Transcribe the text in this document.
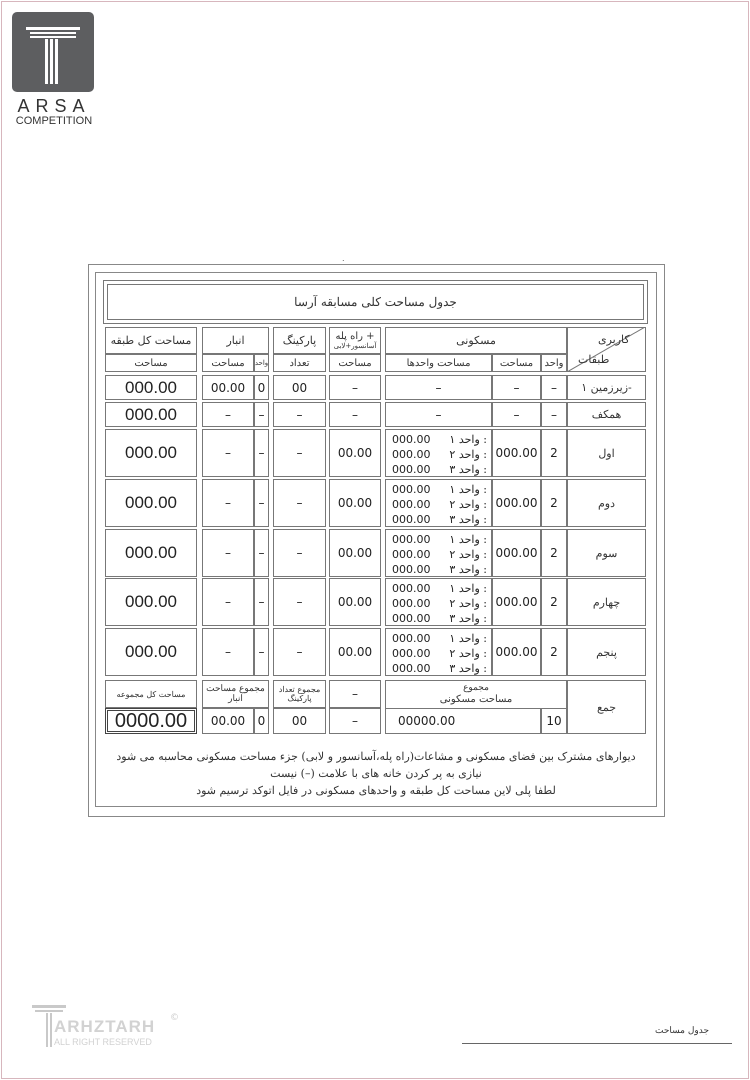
ARSA
COMPETITION
.
جدول مساحت کلی مسابقه آرسا
کاربری
طبقات
مسکونی
واحد
مساحت
مساحت واحدها
راه پله +
آسانسور+لابی
مساحت
پارکینگ
تعداد
انبار
واحد
مساحت
مساحت کل طبقه
مساحت
زیرزمین ۱-
–
–
–
–
00
0
00.00
000.00
همکف
–
–
–
–
–
–
–
000.00
اول
2
000.00
000.00 واحد ۱ :
000.00 واحد ۲ :
000.00 واحد ۳ :
00.00
–
–
–
000.00
دوم
2
000.00
000.00 واحد ۱ :
000.00 واحد ۲ :
000.00 واحد ۳ :
00.00
–
–
–
000.00
سوم
2
000.00
000.00 واحد ۱ :
000.00 واحد ۲ :
000.00 واحد ۳ :
00.00
–
–
–
000.00
چهارم
2
000.00
000.00 واحد ۱ :
000.00 واحد ۲ :
000.00 واحد ۳ :
00.00
–
–
–
000.00
پنجم
2
000.00
000.00 واحد ۱ :
000.00 واحد ۲ :
000.00 واحد ۳ :
00.00
–
–
–
000.00
جمع
10
مجموع
مساحت مسکونی
00000.00
–
–
مجموع تعداد پارکینگ
00
مجموع مساحت انبار
0
00.00
مساحت کل مجموعه
0000.00
دیوارهای مشترک بین فضای مسکونی و مشاعات(راه پله،آسانسور و لابی) جزء مساحت مسکونی محاسبه می شود
نیازی به پر کردن خانه های با علامت (–) نیست
لطفا پلی لاین مساحت کل طبقه و واحدهای مسکونی در فایل اتوکد ترسیم شود
ARHZTARH
ALL RIGHT RESERVED
©
جدول مساحت
